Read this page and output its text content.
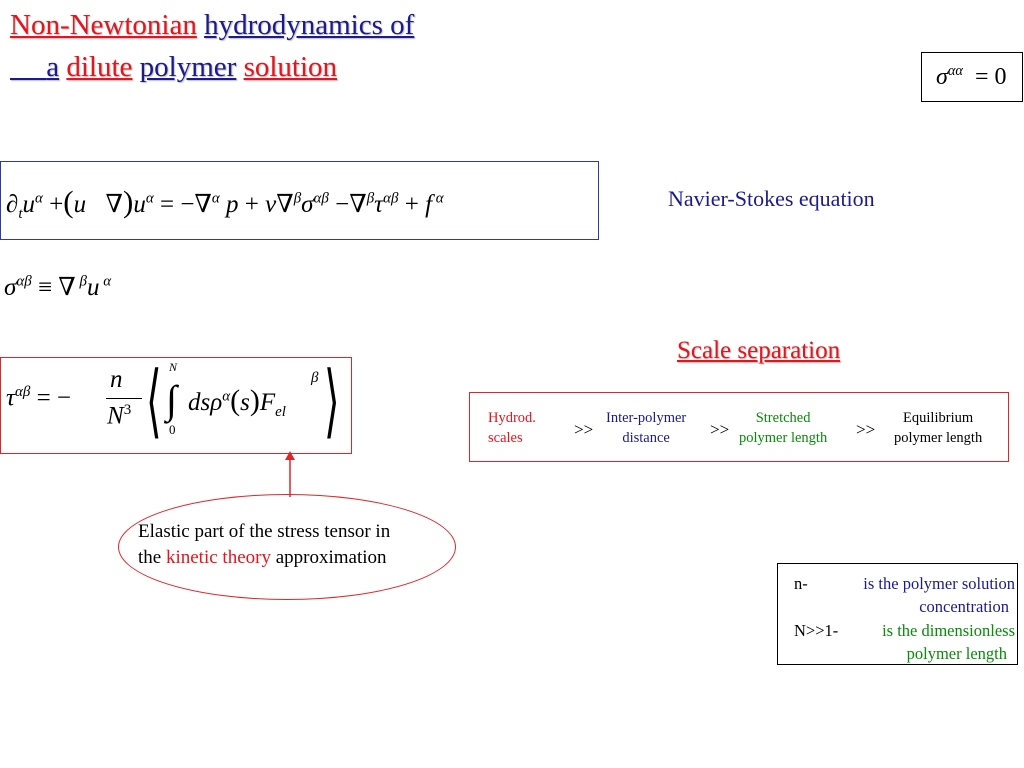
Non-Newtonian hydrodynamics of
a dilute polymer solution	$\sigma^{\alpha\alpha} = 0$
$\partial_tu^\alpha$ $+(u⃗\nabla)u^\alpha = -\nabla^\alpha$ $p + \nu\nabla^\beta\sigma^{\alpha\beta} -\nabla^\beta\tau^{\alpha\beta} + f$ $^\alpha$	Navier-Stokes equation
$\sigma^{\alpha\beta}$ ≡ ∇ $^\beta$u $^\alpha$
$\tau^{\alpha\beta}$ = −
n
$N^3$ ⟨ N
∫
0
$ds\rho^\alpha(s)F_{el}$
β ⟩
Elastic part of the stress tensor in
the kinetic theory approximation
Scale separation
Hydrod.
scales	>>
Inter-polymer
distance	>>
Stretched
polymer length >>
Equilibrium
polymer length
n-	is the polymer solution
concentration
N>>1-	is the dimensionless
polymer length
